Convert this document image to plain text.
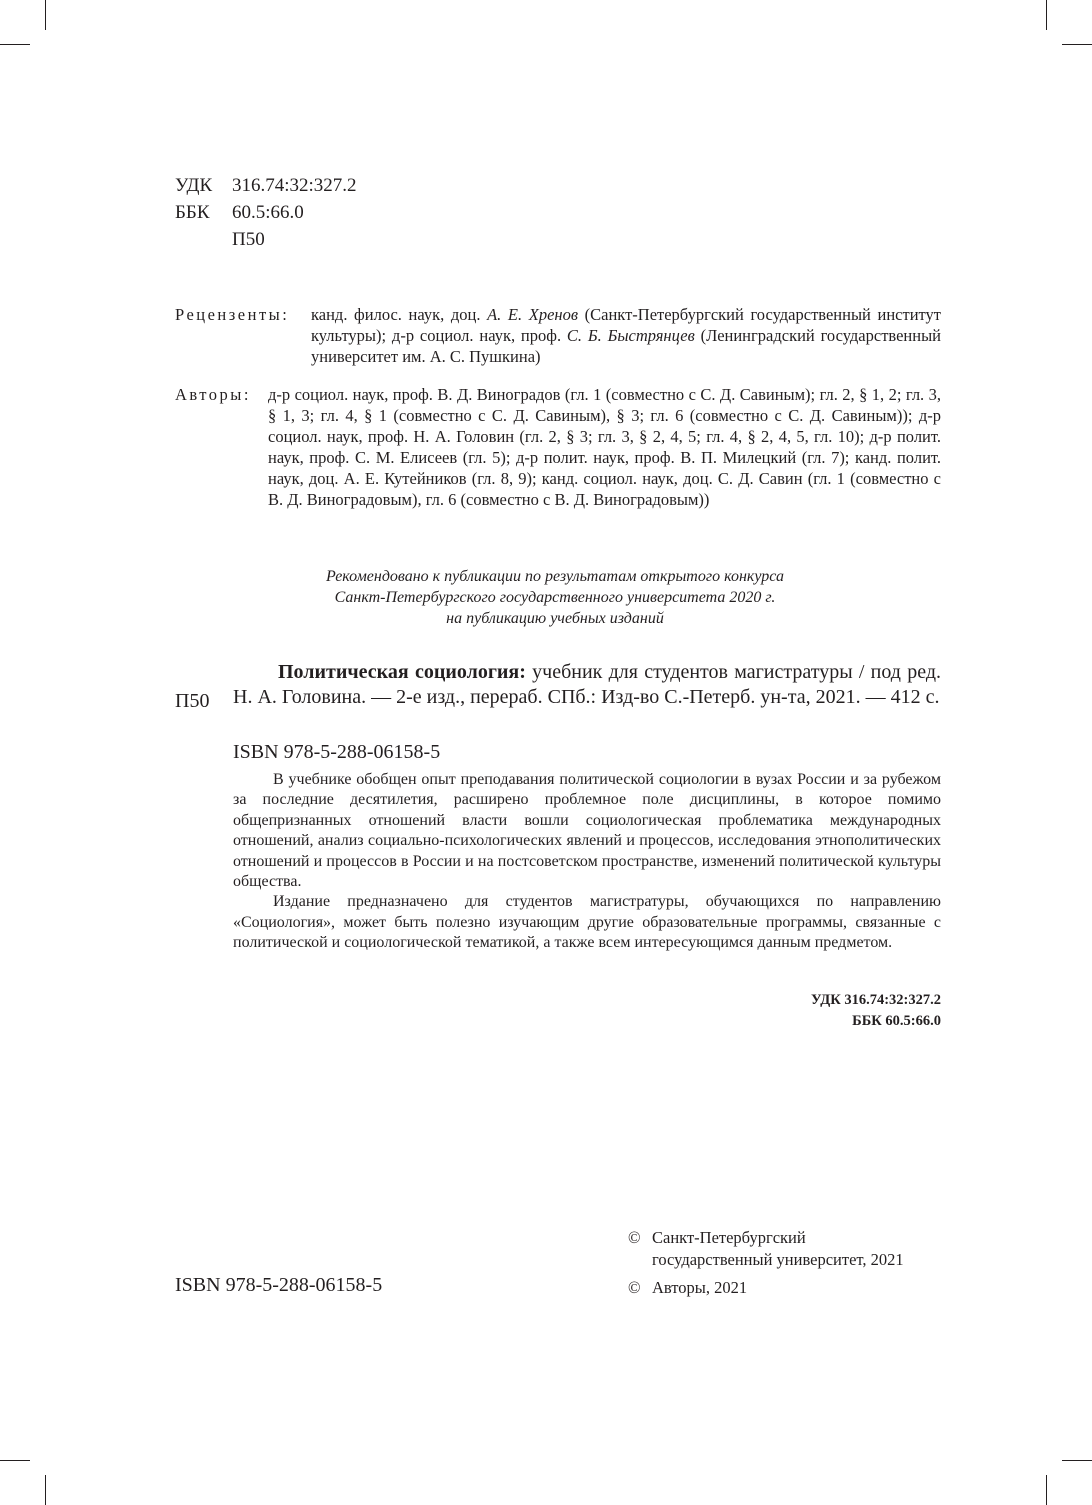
УДК	316.74:32:327.2
ББК	60.5:66.0
П50
Рецензенты: канд. филос. наук, доц. А. Е. Хренов (Санкт-Петербургский государственный институт культуры); д-р социол. наук, проф. С. Б. Быстрянцев (Ленинградский государственный университет им. А. С. Пушкина)
Авторы: д-р социол. наук, проф. В. Д. Виноградов (гл. 1 (совместно с С. Д. Савиным); гл. 2, § 1, 2; гл. 3, § 1, 3; гл. 4, § 1 (совместно с С. Д. Савиным), § 3; гл. 6 (совместно с С. Д. Савиным)); д-р социол. наук, проф. Н. А. Головин (гл. 2, § 3; гл. 3, § 2, 4, 5; гл. 4, § 2, 4, 5, гл. 10); д-р полит. наук, проф. С. М. Елисеев (гл. 5); д-р полит. наук, проф. В. П. Милецкий (гл. 7); канд. полит. наук, доц. А. Е. Кутейников (гл. 8, 9); канд. социол. наук, доц. С. Д. Савин (гл. 1 (совместно с В. Д. Виноградовым), гл. 6 (совместно с В. Д. Виноградовым))
Рекомендовано к публикации по результатам открытого конкурса
Санкт-Петербургского государственного университета 2020 г.
на публикацию учебных изданий
П50
Политическая социология: учебник для студентов магистратуры / под ред. Н. А. Головина. — 2-е изд., перераб. СПб.: Изд-во С.-Петерб. ун-та, 2021. — 412 с.
ISBN 978-5-288-06158-5

В учебнике обобщен опыт преподавания политической социологии в вузах России и за рубежом за последние десятилетия, расширено проблемное поле дисциплины, в которое помимо общепризнанных отношений власти вошли социологическая проблематика международных отношений, анализ социально-психологических явлений и процессов, исследования этнополитических отношений и процессов в России и на постсоветском пространстве, изменений политической культуры общества.

Издание предназначено для студентов магистратуры, обучающихся по направлению «Социология», может быть полезно изучающим другие образовательные программы, связанные с политической и социологической тематикой, а также всем интересующимся данным предметом.

УДК 316.74:32:327.2
ББК 60.5:66.0
ISBN 978-5-288-06158-5
© Санкт-Петербургский
государственный университет, 2021
© Авторы, 2021
